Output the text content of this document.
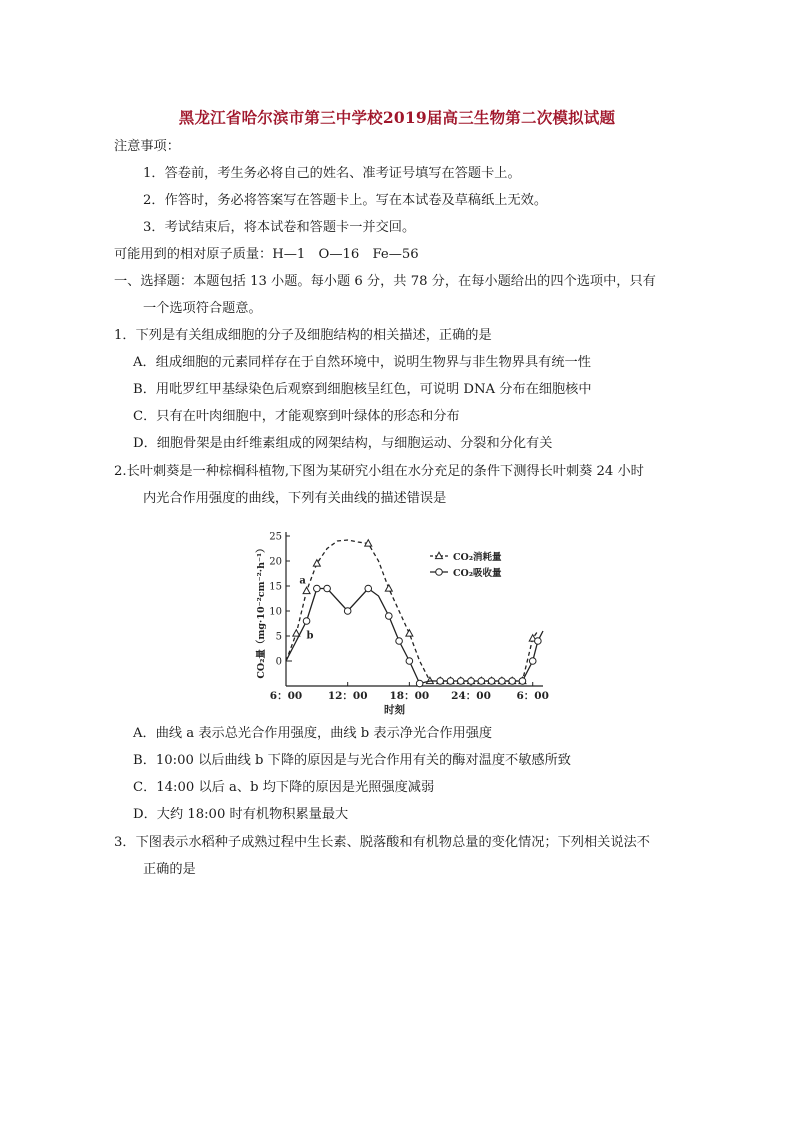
黑龙江省哈尔滨市第三中学校2019届高三生物第二次模拟试题
注意事项：
1．答卷前，考生务必将自己的姓名、准考证号填写在答题卡上。
2．作答时，务必将答案写在答题卡上。写在本试卷及草稿纸上无效。
3．考试结束后，将本试卷和答题卡一并交回。
可能用到的相对原子质量：H—1　O—16　Fe—56
一、选择题：本题包括 13 小题。每小题 6 分，共 78 分，在每小题给出的四个选项中，只有
一个选项符合题意。
1．下列是有关组成细胞的分子及细胞结构的相关描述，正确的是
A．组成细胞的元素同样存在于自然环境中，说明生物界与非生物界具有统一性
B．用吡罗红甲基绿染色后观察到细胞核呈红色，可说明 DNA 分布在细胞核中
C．只有在叶肉细胞中，才能观察到叶绿体的形态和分布
D．细胞骨架是由纤维素组成的网架结构，与细胞运动、分裂和分化有关
2.长叶刺葵是一种棕榈科植物,下图为某研究小组在水分充足的条件下测得长叶刺葵 24 小时
内光合作用强度的曲线，下列有关曲线的描述错误是
0
5
10
15
20
25
6：00 12：00 18：00 24：00 6：00
时刻
CO₂量（mg·10⁻²cm⁻²·h⁻¹）	a
b
CO₂消耗量
CO₂吸收量
A．曲线 a 表示总光合作用强度，曲线 b 表示净光合作用强度
B．10:00 以后曲线 b 下降的原因是与光合作用有关的酶对温度不敏感所致
C．14:00 以后 a、b 均下降的原因是光照强度减弱
D．大约 18:00 时有机物积累量最大
3．下图表示水稻种子成熟过程中生长素、脱落酸和有机物总量的变化情况；下列相关说法不
正确的是
